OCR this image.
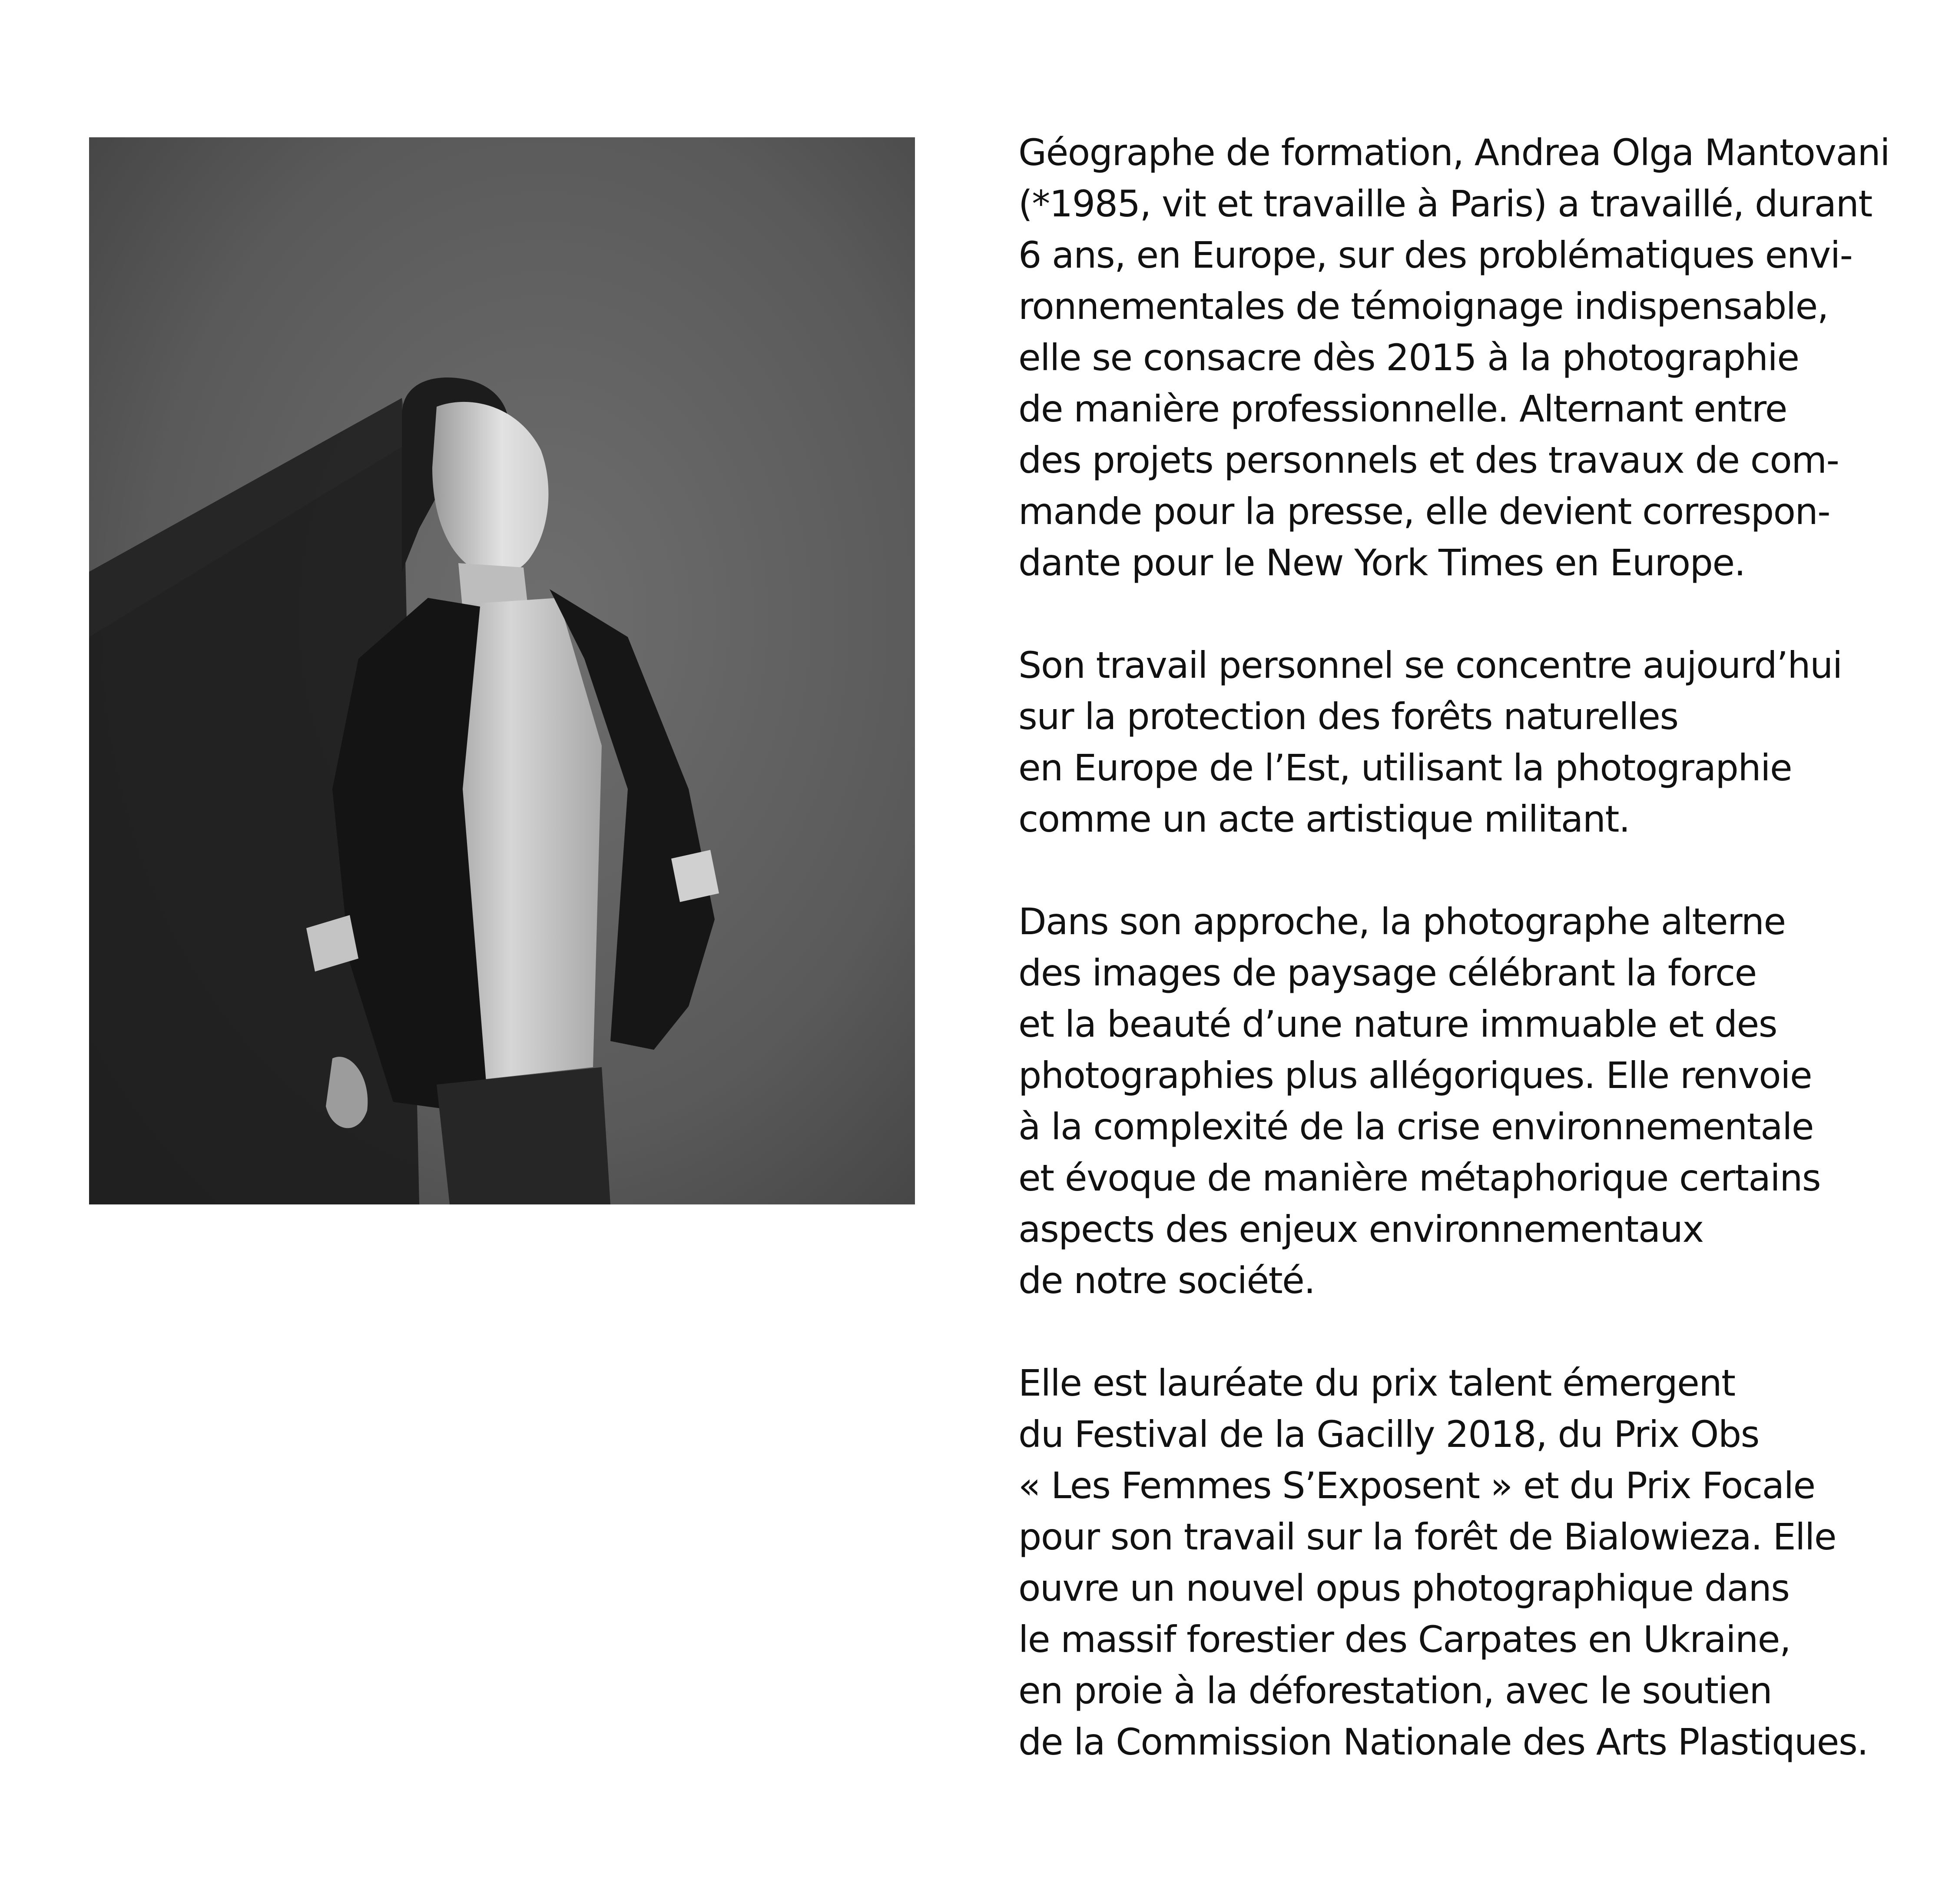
Géographe de formation, Andrea Olga Mantovani
(*1985, vit et travaille à Paris) a travaillé, durant
6 ans, en Europe, sur des problématiques envi-
ronnementales de témoignage indispensable,
elle se consacre dès 2015 à la photographie
de manière professionnelle. Alternant entre
des projets personnels et des travaux de com-
mande pour la presse, elle devient correspon-
dante pour le New York Times en Europe.
Son travail personnel se concentre aujourd’hui
sur la protection des forêts naturelles
en Europe de l’Est, utilisant la photographie
comme un acte artistique militant.
Dans son approche, la photographe alterne
des images de paysage célébrant la force
et la beauté d’une nature immuable et des
photographies plus allégoriques. Elle renvoie
à la complexité de la crise environnementale
et évoque de manière métaphorique certains
aspects des enjeux environnementaux
de notre société.
Elle est lauréate du prix talent émergent
du Festival de la Gacilly 2018, du Prix Obs
« Les Femmes S’Exposent » et du Prix Focale
pour son travail sur la forêt de Bialowieza. Elle
ouvre un nouvel opus photographique dans
le massif forestier des Carpates en Ukraine,
en proie à la déforestation, avec le soutien
de la Commission Nationale des Arts Plastiques.
